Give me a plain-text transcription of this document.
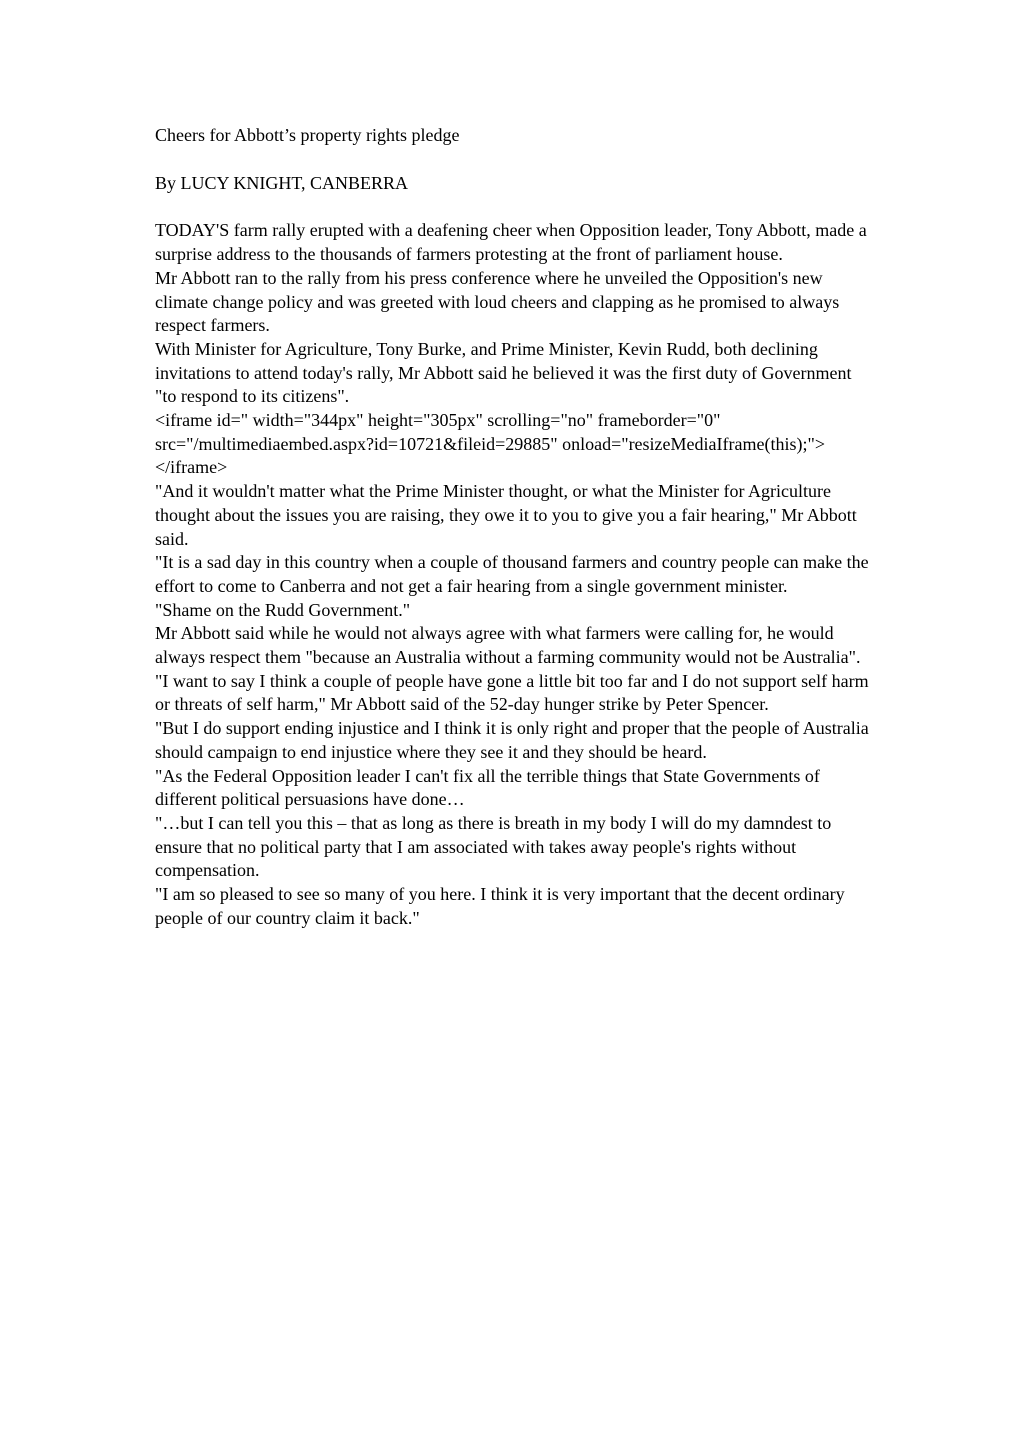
Cheers for Abbott’s property rights pledge
By LUCY KNIGHT, CANBERRA

TODAY'S farm rally erupted with a deafening cheer when Opposition leader, Tony Abbott, made a surprise address to the thousands of farmers protesting at the front of parliament house.

Mr Abbott ran to the rally from his press conference where he unveiled the Opposition's new climate change policy and was greeted with loud cheers and clapping as he promised to always respect farmers.

With Minister for Agriculture, Tony Burke, and Prime Minister, Kevin Rudd, both declining invitations to attend today's rally, Mr Abbott said he believed it was the first duty of Government "to respond to its citizens".

<iframe id=" width="344px" height="305px" scrolling="no" frameborder="0" src="/multimediaembed.aspx?id=10721&fileid=29885" onload="resizeMediaIframe(this);"></iframe>

"And it wouldn't matter what the Prime Minister thought, or what the Minister for Agriculture thought about the issues you are raising, they owe it to you to give you a fair hearing," Mr Abbott said.

"It is a sad day in this country when a couple of thousand farmers and country people can make the effort to come to Canberra and not get a fair hearing from a single government minister.

"Shame on the Rudd Government."

Mr Abbott said while he would not always agree with what farmers were calling for, he would always respect them "because an Australia without a farming community would not be Australia".

"I want to say I think a couple of people have gone a little bit too far and I do not support self harm or threats of self harm," Mr Abbott said of the 52-day hunger strike by Peter Spencer.

"But I do support ending injustice and I think it is only right and proper that the people of Australia should campaign to end injustice where they see it and they should be heard.

"As the Federal Opposition leader I can't fix all the terrible things that State Governments of different political persuasions have done…

"…but I can tell you this – that as long as there is breath in my body I will do my damndest to ensure that no political party that I am associated with takes away people's rights without compensation.

"I am so pleased to see so many of you here. I think it is very important that the decent ordinary people of our country claim it back."
